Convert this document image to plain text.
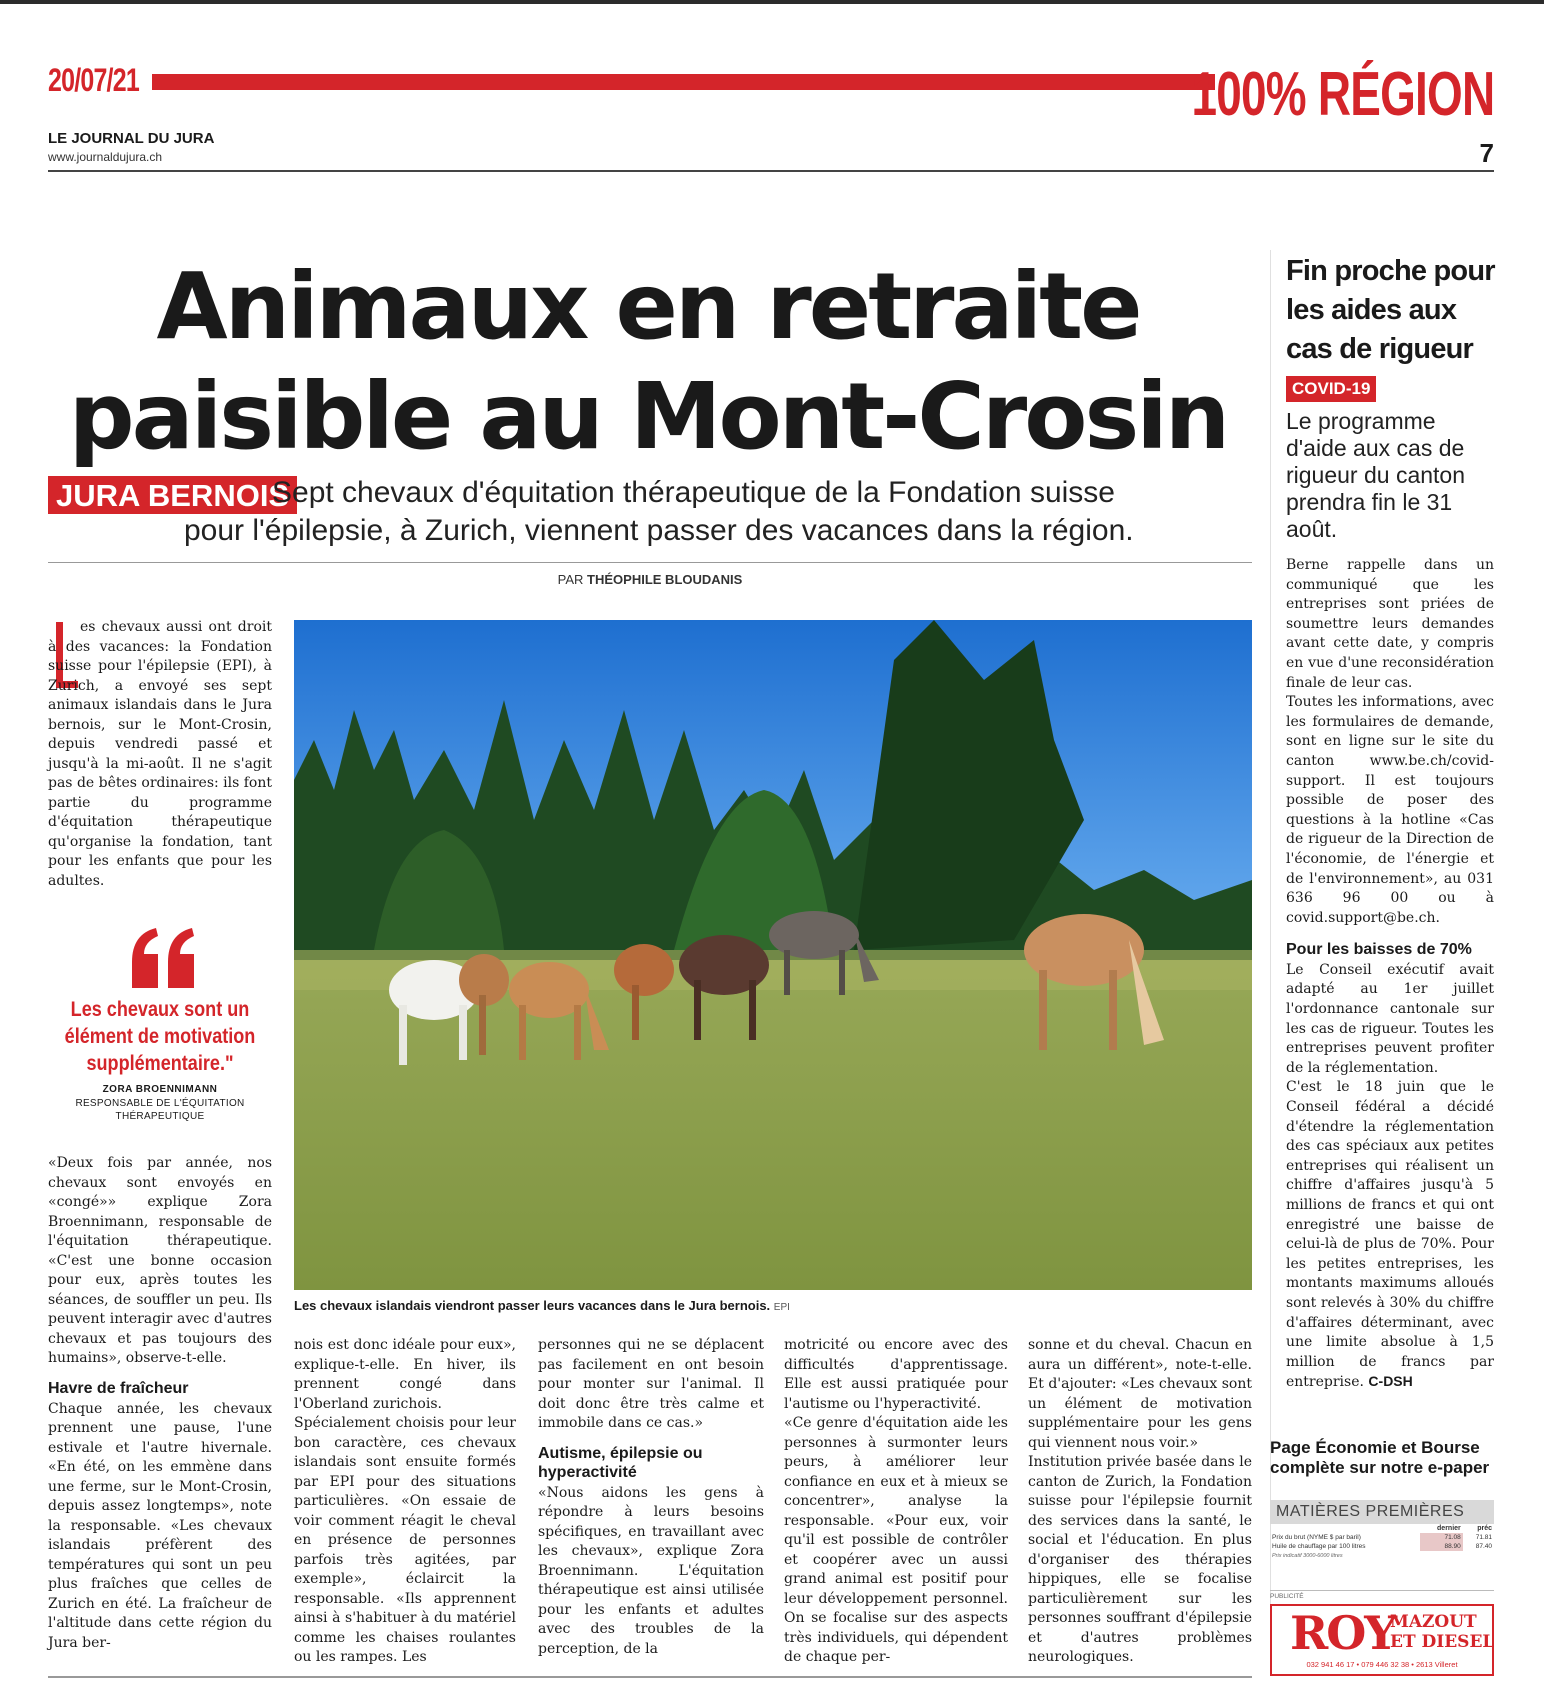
20/07/21	100% RÉGION
LE JOURNAL DU JURA
www.journaldujura.ch	7
Animaux en retraite
paisible au Mont-Crosin
JURA BERNOIS
Sept chevaux d'équitation thérapeutique de la Fondation suisse
pour l'épilepsie, à Zurich, viennent passer des vacances dans la région.
PAR THÉOPHILE BLOUDANIS
es chevaux aussi ont droit à des vacances: la Fondation suisse pour l'épilepsie (EPI), à Zurich, a envoyé ses sept animaux islandais dans le Jura bernois, sur le Mont-Crosin, depuis vendredi passé et jusqu'à la mi-août. Il ne s'agit pas de bêtes ordinaires: ils font partie du programme d'équitation thérapeutique qu'organise la fondation, tant pour les enfants que pour les adultes.
Les chevaux sont un élément de motivation supplémentaire."
ZORA BROENNIMANN
RESPONSABLE DE L'ÉQUITATION THÉRAPEUTIQUE
Les chevaux islandais viendront passer leurs vacances dans le Jura bernois. EPI
«Deux fois par année, nos chevaux sont envoyés en «congé»» explique Zora Broennimann, responsable de l'équitation thérapeutique. «C'est une bonne occasion pour eux, après toutes les séances, de souffler un peu. Ils peuvent interagir avec d'autres chevaux et pas toujours des humains», observe-t-elle.
Havre de fraîcheur
Chaque année, les chevaux prennent une pause, l'une estivale et l'autre hivernale. «En été, on les emmène dans une ferme, sur le Mont-Crosin, depuis assez longtemps», note la responsable. «Les chevaux islandais préfèrent des températures qui sont un peu plus fraîches que celles de Zurich en été. La fraîcheur de l'altitude dans cette région du Jura ber-
nois est donc idéale pour eux», explique-t-elle. En hiver, ils prennent congé dans l'Oberland zurichois.
Spécialement choisis pour leur bon caractère, ces chevaux islandais sont ensuite formés par EPI pour des situations particulières. «On essaie de voir comment réagit le cheval en présence de personnes parfois très agitées, par exemple», éclaircit la responsable. «Ils apprennent ainsi à s'habituer à du matériel comme les chaises roulantes ou les rampes. Les
personnes qui ne se déplacent pas facilement en ont besoin pour monter sur l'animal. Il doit donc être très calme et immobile dans ce cas.»
Autisme, épilepsie ou hyperactivité
«Nous aidons les gens à répondre à leurs besoins spécifiques, en travaillant avec les chevaux», explique Zora Broennimann. L'équitation thérapeutique est ainsi utilisée pour les enfants et adultes avec des troubles de la perception, de la
motricité ou encore avec des difficultés d'apprentissage. Elle est aussi pratiquée pour l'autisme ou l'hyperactivité.
«Ce genre d'équitation aide les personnes à surmonter leurs peurs, à améliorer leur confiance en eux et à mieux se concentrer», analyse la responsable. «Pour eux, voir qu'il est possible de contrôler et coopérer avec un aussi grand animal est positif pour leur développement personnel. On se focalise sur des aspects très individuels, qui dépendent de chaque per-
sonne et du cheval. Chacun en aura un différent», note-t-elle. Et d'ajouter: «Les chevaux sont un élément de motivation supplémentaire pour les gens qui viennent nous voir.»
Institution privée basée dans le canton de Zurich, la Fondation suisse pour l'épilepsie fournit des services dans la santé, le social et l'éducation. En plus d'organiser des thérapies hippiques, elle se focalise particulièrement sur les personnes souffrant d'épilepsie et d'autres problèmes neurologiques.
Fin proche pour les aides aux cas de rigueur
COVID-19
Le programme d'aide aux cas de rigueur du canton prendra fin le 31 août.
Berne rappelle dans un communiqué que les entreprises sont priées de soumettre leurs demandes avant cette date, y compris en vue d'une reconsidération finale de leur cas.
Toutes les informations, avec les formulaires de demande, sont en ligne sur le site du canton www.be.ch/covid-support. Il est toujours possible de poser des questions à la hotline «Cas de rigueur de la Direction de l'économie, de l'énergie et de l'environnement», au 031 636 96 00 ou à covid.support@be.ch.
Pour les baisses de 70%
Le Conseil exécutif avait adapté au 1er juillet l'ordonnance cantonale sur les cas de rigueur. Toutes les entreprises peuvent profiter de la réglementation.
C'est le 18 juin que le Conseil fédéral a décidé d'étendre la réglementation des cas spéciaux aux petites entreprises qui réalisent un chiffre d'affaires jusqu'à 5 millions de francs et qui ont enregistré une baisse de celui-là de plus de 70%. Pour les petites entreprises, les montants maximums alloués sont relevés à 30% du chiffre d'affaires déterminant, avec une limite absolue à 1,5 million de francs par entreprise. C-DSH
Page Économie et Bourse complète sur notre e-paper
MATIÈRES PREMIÈRES
	dernier	préc
Prix du brut (NYME $ par baril)	71.08	71.81
Huile de chauffage par 100 litres	88.90	87.40
Prix indicatif 3000-6000 litres
PUBLICITÉ
ROY
MAZOUT
ET DIESEL
032 941 46 17 • 079 446 32 38 • 2613 Villeret
